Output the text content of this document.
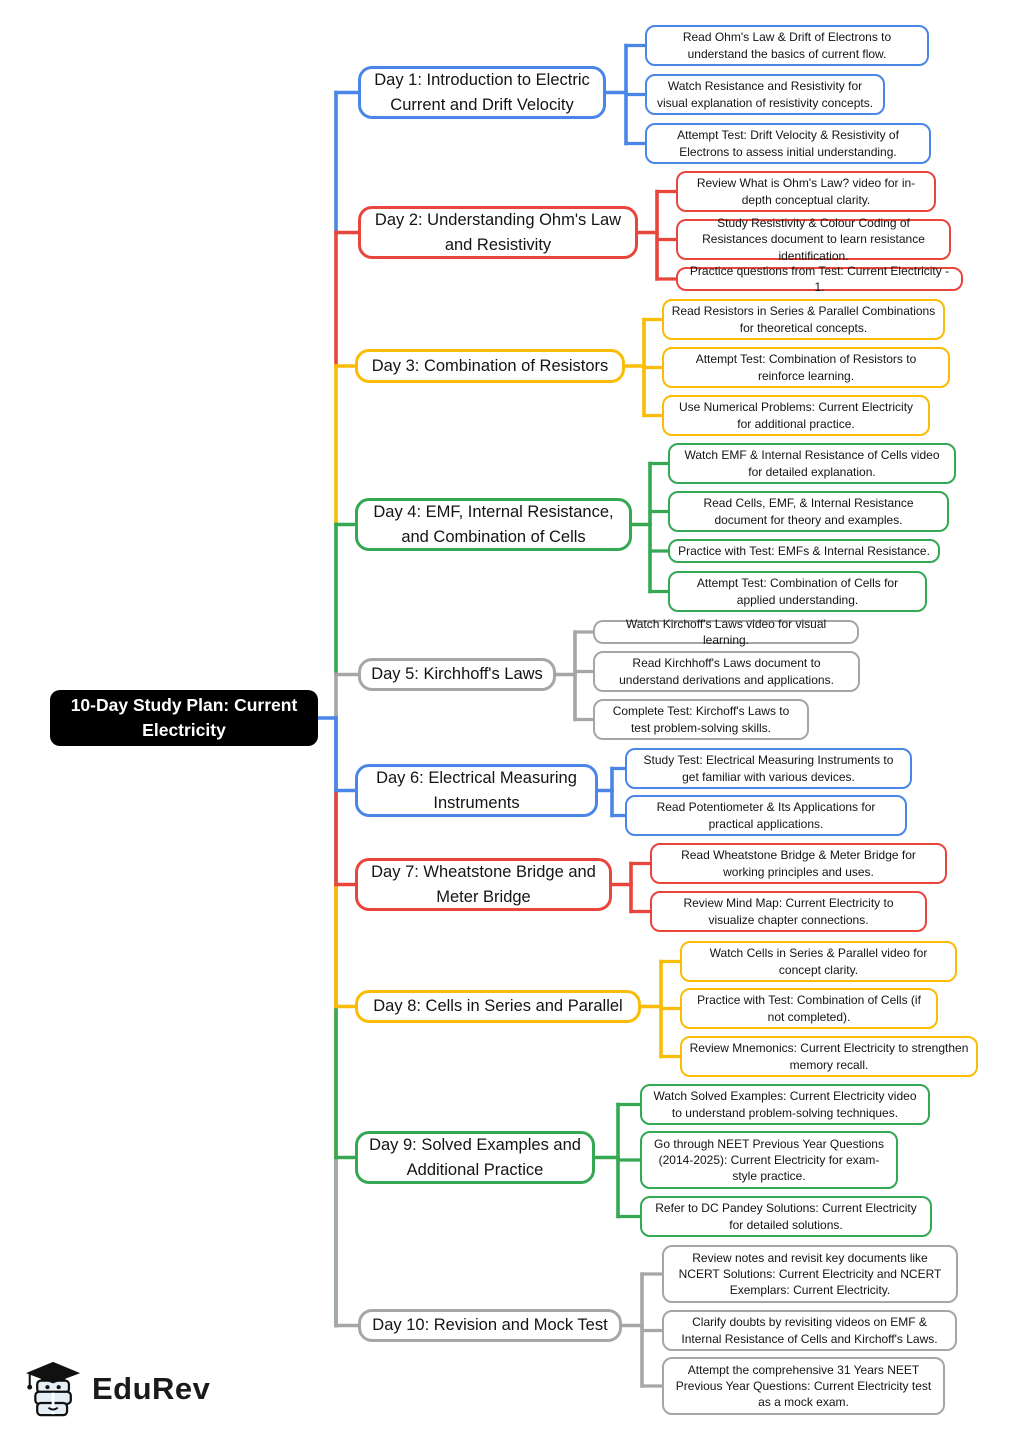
10-Day Study Plan: Current Electricity
EduRev
Day 1: Introduction to Electric Current and Drift Velocity
Read Ohm's Law & Drift of Electrons to understand the basics of current flow.
Watch Resistance and Resistivity for visual explanation of resistivity concepts.
Attempt Test: Drift Velocity & Resistivity of Electrons to assess initial understanding.
Day 2: Understanding Ohm's Law and Resistivity
Review What is Ohm's Law? video for in-depth conceptual clarity.
Study Resistivity & Colour Coding of Resistances document to learn resistance identification.
Practice questions from Test: Current Electricity - 1.
Day 3: Combination of Resistors
Read Resistors in Series & Parallel Combinations for theoretical concepts.
Attempt Test: Combination of Resistors to reinforce learning.
Use Numerical Problems: Current Electricity for additional practice.
Day 4: EMF, Internal Resistance, and Combination of Cells
Watch EMF & Internal Resistance of Cells video for detailed explanation.
Read Cells, EMF, & Internal Resistance document for theory and examples.
Practice with Test: EMFs & Internal Resistance.
Attempt Test: Combination of Cells for applied understanding.
Day 5: Kirchhoff's Laws
Watch Kirchoff's Laws video for visual learning.
Read Kirchhoff's Laws document to understand derivations and applications.
Complete Test: Kirchoff's Laws to test problem-solving skills.
Day 6: Electrical Measuring Instruments
Study Test: Electrical Measuring Instruments to get familiar with various devices.
Read Potentiometer & Its Applications for practical applications.
Day 7: Wheatstone Bridge and Meter Bridge
Read Wheatstone Bridge & Meter Bridge for working principles and uses.
Review Mind Map: Current Electricity to visualize chapter connections.
Day 8: Cells in Series and Parallel
Watch Cells in Series & Parallel video for concept clarity.
Practice with Test: Combination of Cells (if not completed).
Review Mnemonics: Current Electricity to strengthen memory recall.
Day 9: Solved Examples and Additional Practice
Watch Solved Examples: Current Electricity video to understand problem-solving techniques.
Go through NEET Previous Year Questions (2014-2025): Current Electricity for exam-style practice.
Refer to DC Pandey Solutions: Current Electricity for detailed solutions.
Day 10: Revision and Mock Test
Review notes and revisit key documents like NCERT Solutions: Current Electricity and NCERT Exemplars: Current Electricity.
Clarify doubts by revisiting videos on EMF & Internal Resistance of Cells and Kirchoff's Laws.
Attempt the comprehensive 31 Years NEET Previous Year Questions: Current Electricity test as a mock exam.
